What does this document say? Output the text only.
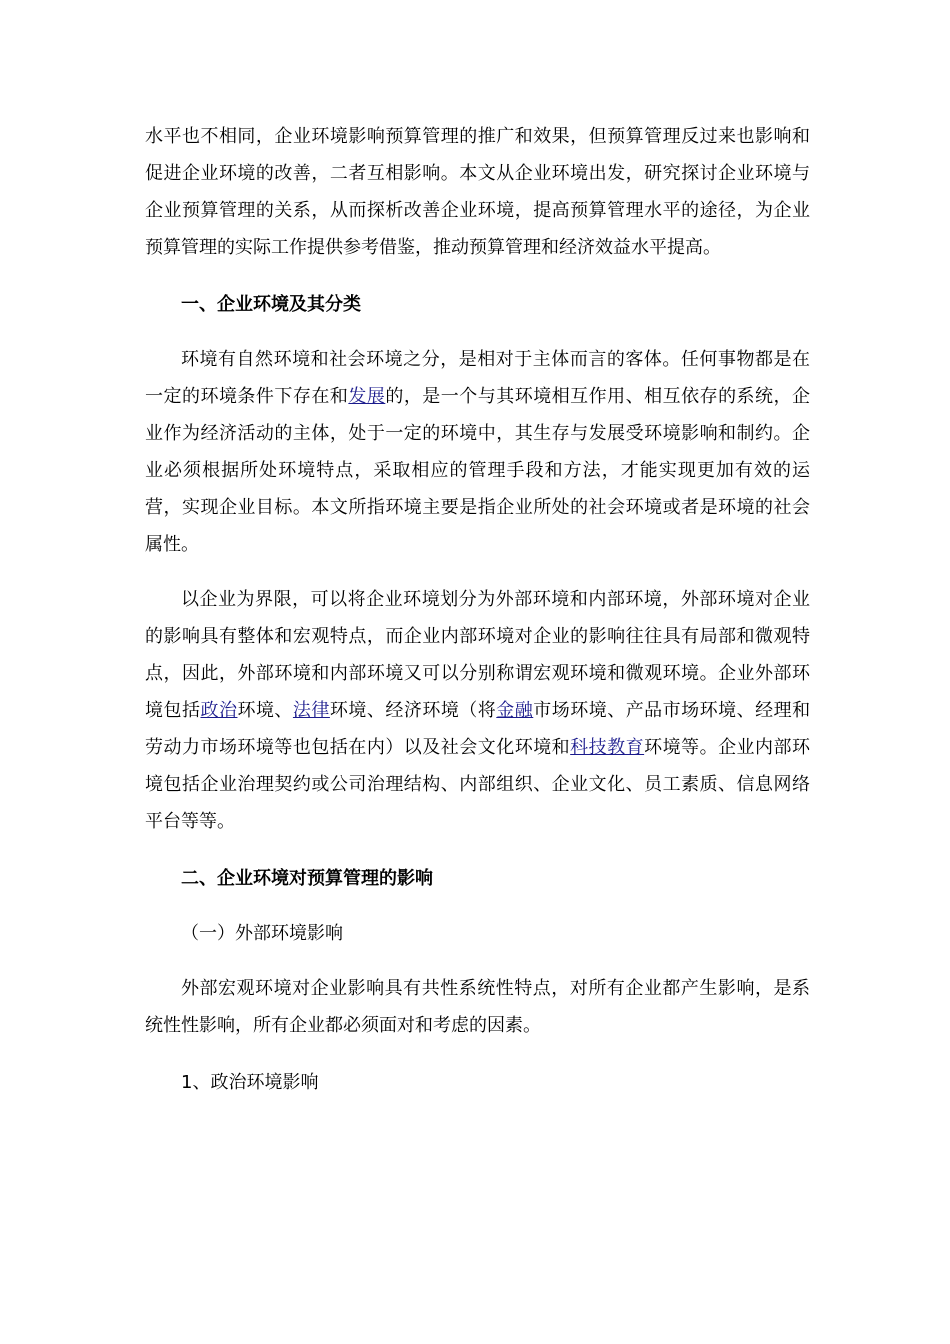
水平也不相同，企业环境影响预算管理的推广和效果，但预算管理反过来也影响和促进企业环境的改善，二者互相影响。本文从企业环境出发，研究探讨企业环境与企业预算管理的关系，从而探析改善企业环境，提高预算管理水平的途径，为企业预算管理的实际工作提供参考借鉴，推动预算管理和经济效益水平提高。

一、企业环境及其分类

环境有自然环境和社会环境之分，是相对于主体而言的客体。任何事物都是在一定的环境条件下存在和发展的，是一个与其环境相互作用、相互依存的系统，企业作为经济活动的主体，处于一定的环境中，其生存与发展受环境影响和制约。企业必须根据所处环境特点，采取相应的管理手段和方法，才能实现更加有效的运营，实现企业目标。本文所指环境主要是指企业所处的社会环境或者是环境的社会属性。

以企业为界限，可以将企业环境划分为外部环境和内部环境，外部环境对企业的影响具有整体和宏观特点，而企业内部环境对企业的影响往往具有局部和微观特点，因此，外部环境和内部环境又可以分别称谓宏观环境和微观环境。企业外部环境包括政治环境、法律环境、经济环境（将金融市场环境、产品市场环境、经理和劳动力市场环境等也包括在内）以及社会文化环境和科技教育环境等。企业内部环境包括企业治理契约或公司治理结构、内部组织、企业文化、员工素质、信息网络平台等等。

二、企业环境对预算管理的影响

（一）外部环境影响

外部宏观环境对企业影响具有共性系统性特点，对所有企业都产生影响，是系统性性影响，所有企业都必须面对和考虑的因素。

1、政治环境影响
